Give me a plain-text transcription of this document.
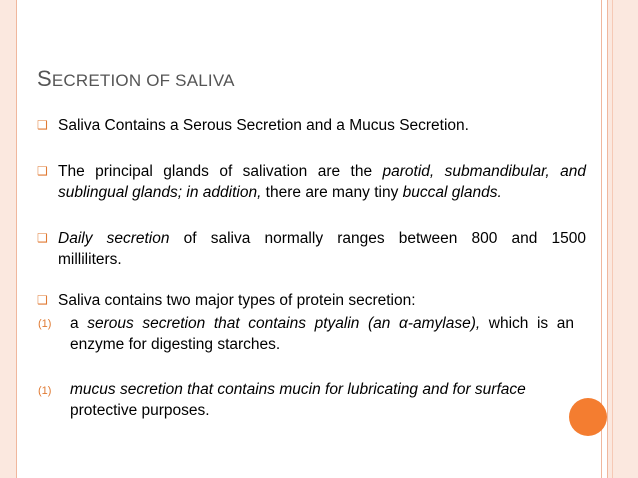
SECRETION OF SALIVA
❑ Saliva Contains a Serous Secretion and a Mucus Secretion.
❑ The principal glands of salivation are the parotid, submandibular, and
sublingual glands; in addition, there are many tiny buccal glands.
❑ Daily secretion of saliva normally ranges between 800 and 1500
milliliters.
❑ Saliva contains two major types of protein secretion:
(1) a serous secretion that contains ptyalin (an α-amylase), which is an
enzyme for digesting starches.
(1) mucus secretion that contains mucin for lubricating and for surface
protective purposes.
